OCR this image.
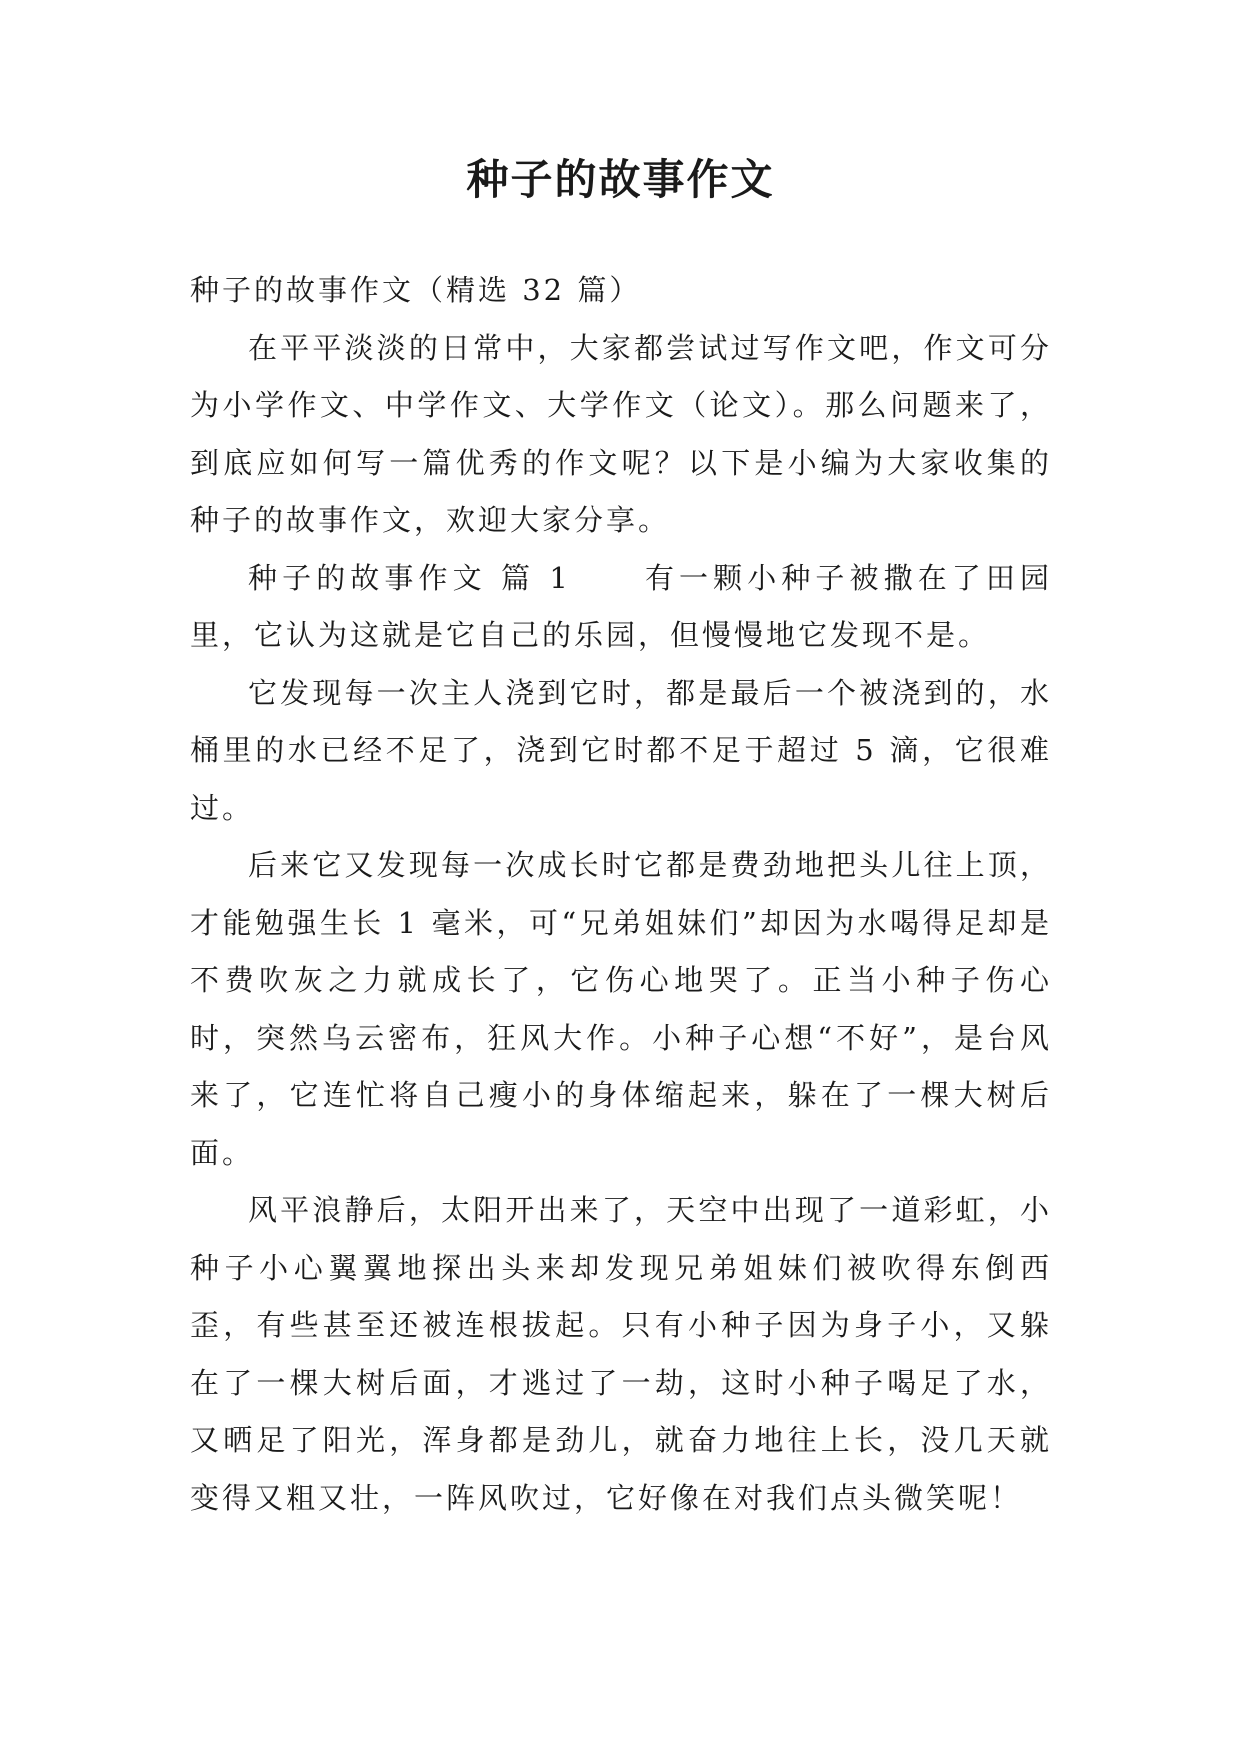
种子的故事作文

种子的故事作文（精选 32 篇）

在平平淡淡的日常中，大家都尝试过写作文吧，作文可分为小学作文、中学作文、大学作文（论文）。那么问题来了，到底应如何写一篇优秀的作文呢？以下是小编为大家收集的种子的故事作文，欢迎大家分享。

种子的故事作文 篇 1 有一颗小种子被撒在了田园里，它认为这就是它自己的乐园，但慢慢地它发现不是。

它发现每一次主人浇到它时，都是最后一个被浇到的，水桶里的水已经不足了，浇到它时都不足于超过 5 滴，它很难过。

后来它又发现每一次成长时它都是费劲地把头儿往上顶，才能勉强生长 1 毫米，可“兄弟姐妹们”却因为水喝得足却是不费吹灰之力就成长了，它伤心地哭了。正当小种子伤心时，突然乌云密布，狂风大作。小种子心想“不好”，是台风来了，它连忙将自己瘦小的身体缩起来，躲在了一棵大树后面。

风平浪静后，太阳开出来了，天空中出现了一道彩虹，小种子小心翼翼地探出头来却发现兄弟姐妹们被吹得东倒西歪，有些甚至还被连根拔起。只有小种子因为身子小，又躲在了一棵大树后面，才逃过了一劫，这时小种子喝足了水，又晒足了阳光，浑身都是劲儿，就奋力地往上长，没几天就变得又粗又壮，一阵风吹过，它好像在对我们点头微笑呢！
